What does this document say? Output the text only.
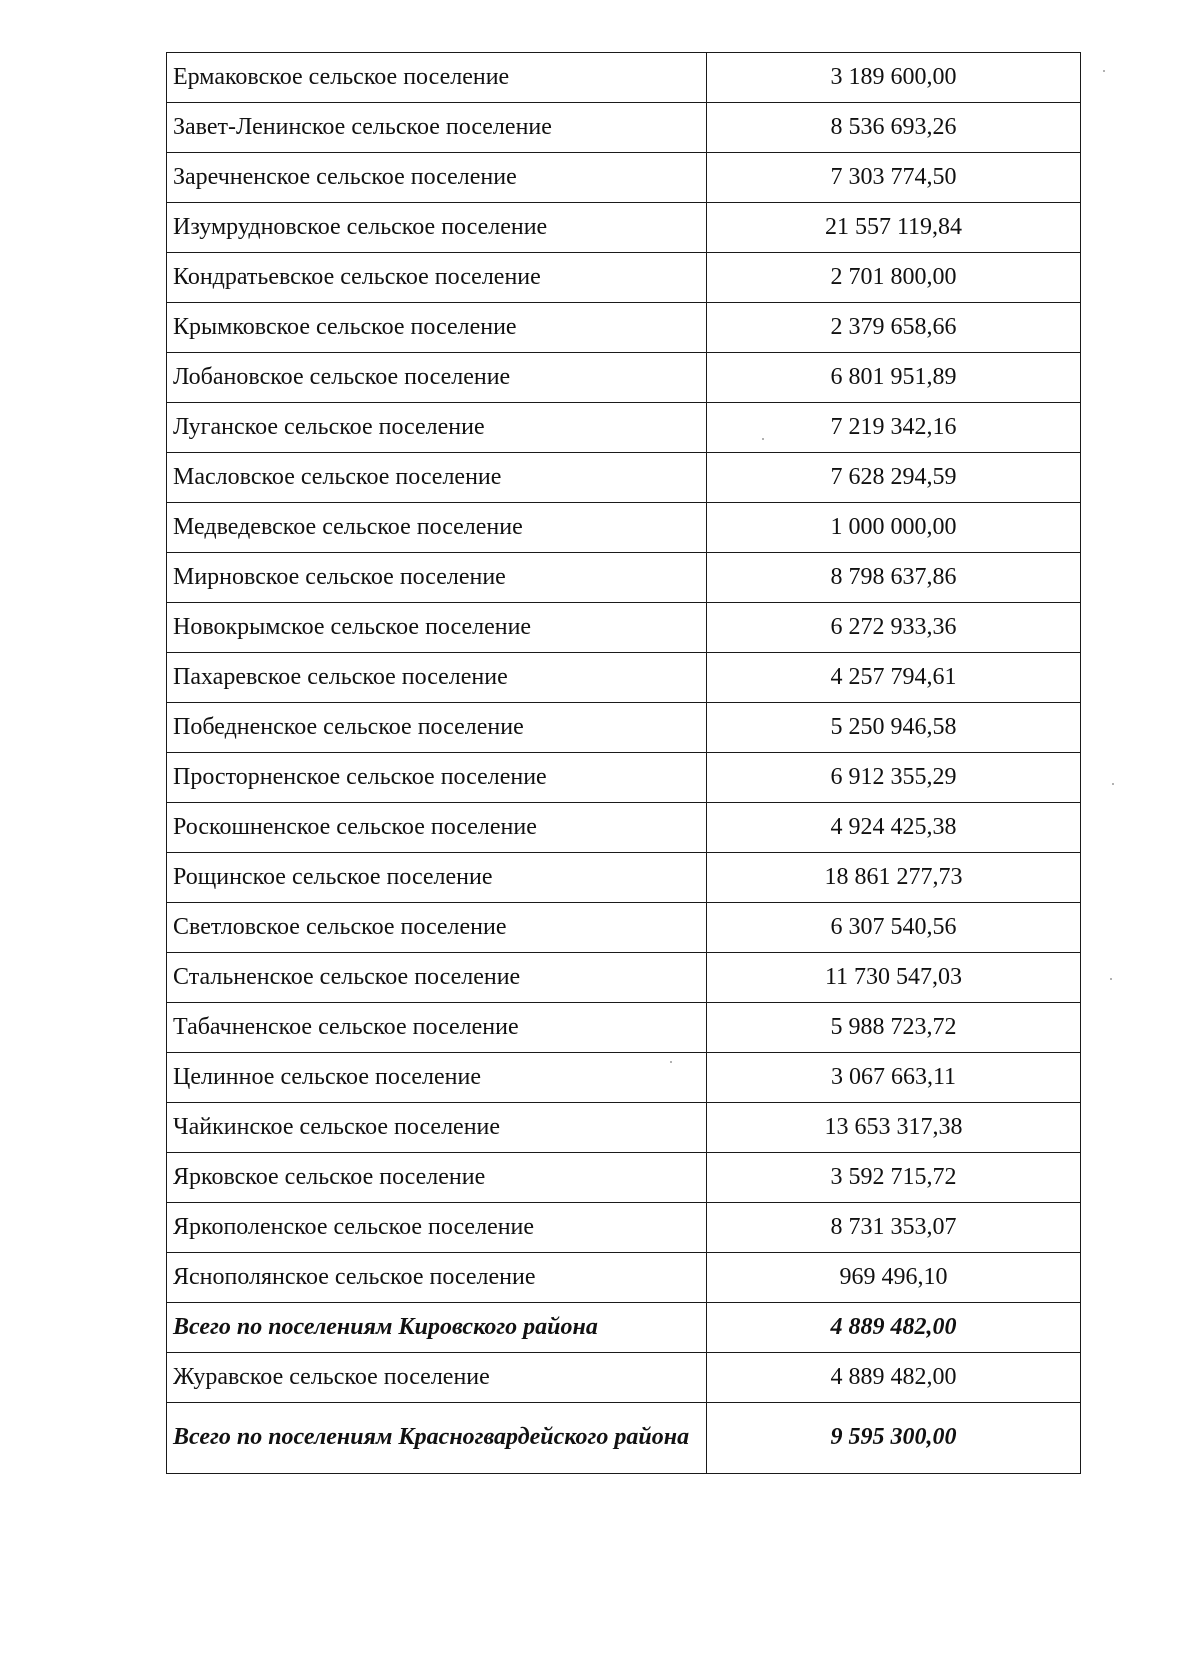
Ермаковское сельское поселение	3 189 600,00
Завет-Ленинское сельское поселение	8 536 693,26
Заречненское сельское поселение	7 303 774,50
Изумрудновское сельское поселение	21 557 119,84
Кондратьевское сельское поселение	2 701 800,00
Крымковское сельское поселение	2 379 658,66
Лобановское сельское поселение	6 801 951,89
Луганское сельское поселение	7 219 342,16
Масловское сельское поселение	7 628 294,59
Медведевское сельское поселение	1 000 000,00
Мирновское сельское поселение	8 798 637,86
Новокрымское сельское поселение	6 272 933,36
Пахаревское сельское поселение	4 257 794,61
Победненское сельское поселение	5 250 946,58
Просторненское сельское поселение	6 912 355,29
Роскошненское сельское поселение	4 924 425,38
Рощинское сельское поселение	18 861 277,73
Светловское сельское поселение	6 307 540,56
Стальненское сельское поселение	11 730 547,03
Табачненское сельское поселение	5 988 723,72
Целинное сельское поселение	3 067 663,11
Чайкинское сельское поселение	13 653 317,38
Ярковское сельское поселение	3 592 715,72
Яркополенское сельское поселение	8 731 353,07
Яснополянское сельское поселение	969 496,10
Всего по поселениям Кировского района	4 889 482,00
Журавское сельское поселение	4 889 482,00
Всего по поселениям Красногвардейского района	9 595 300,00
